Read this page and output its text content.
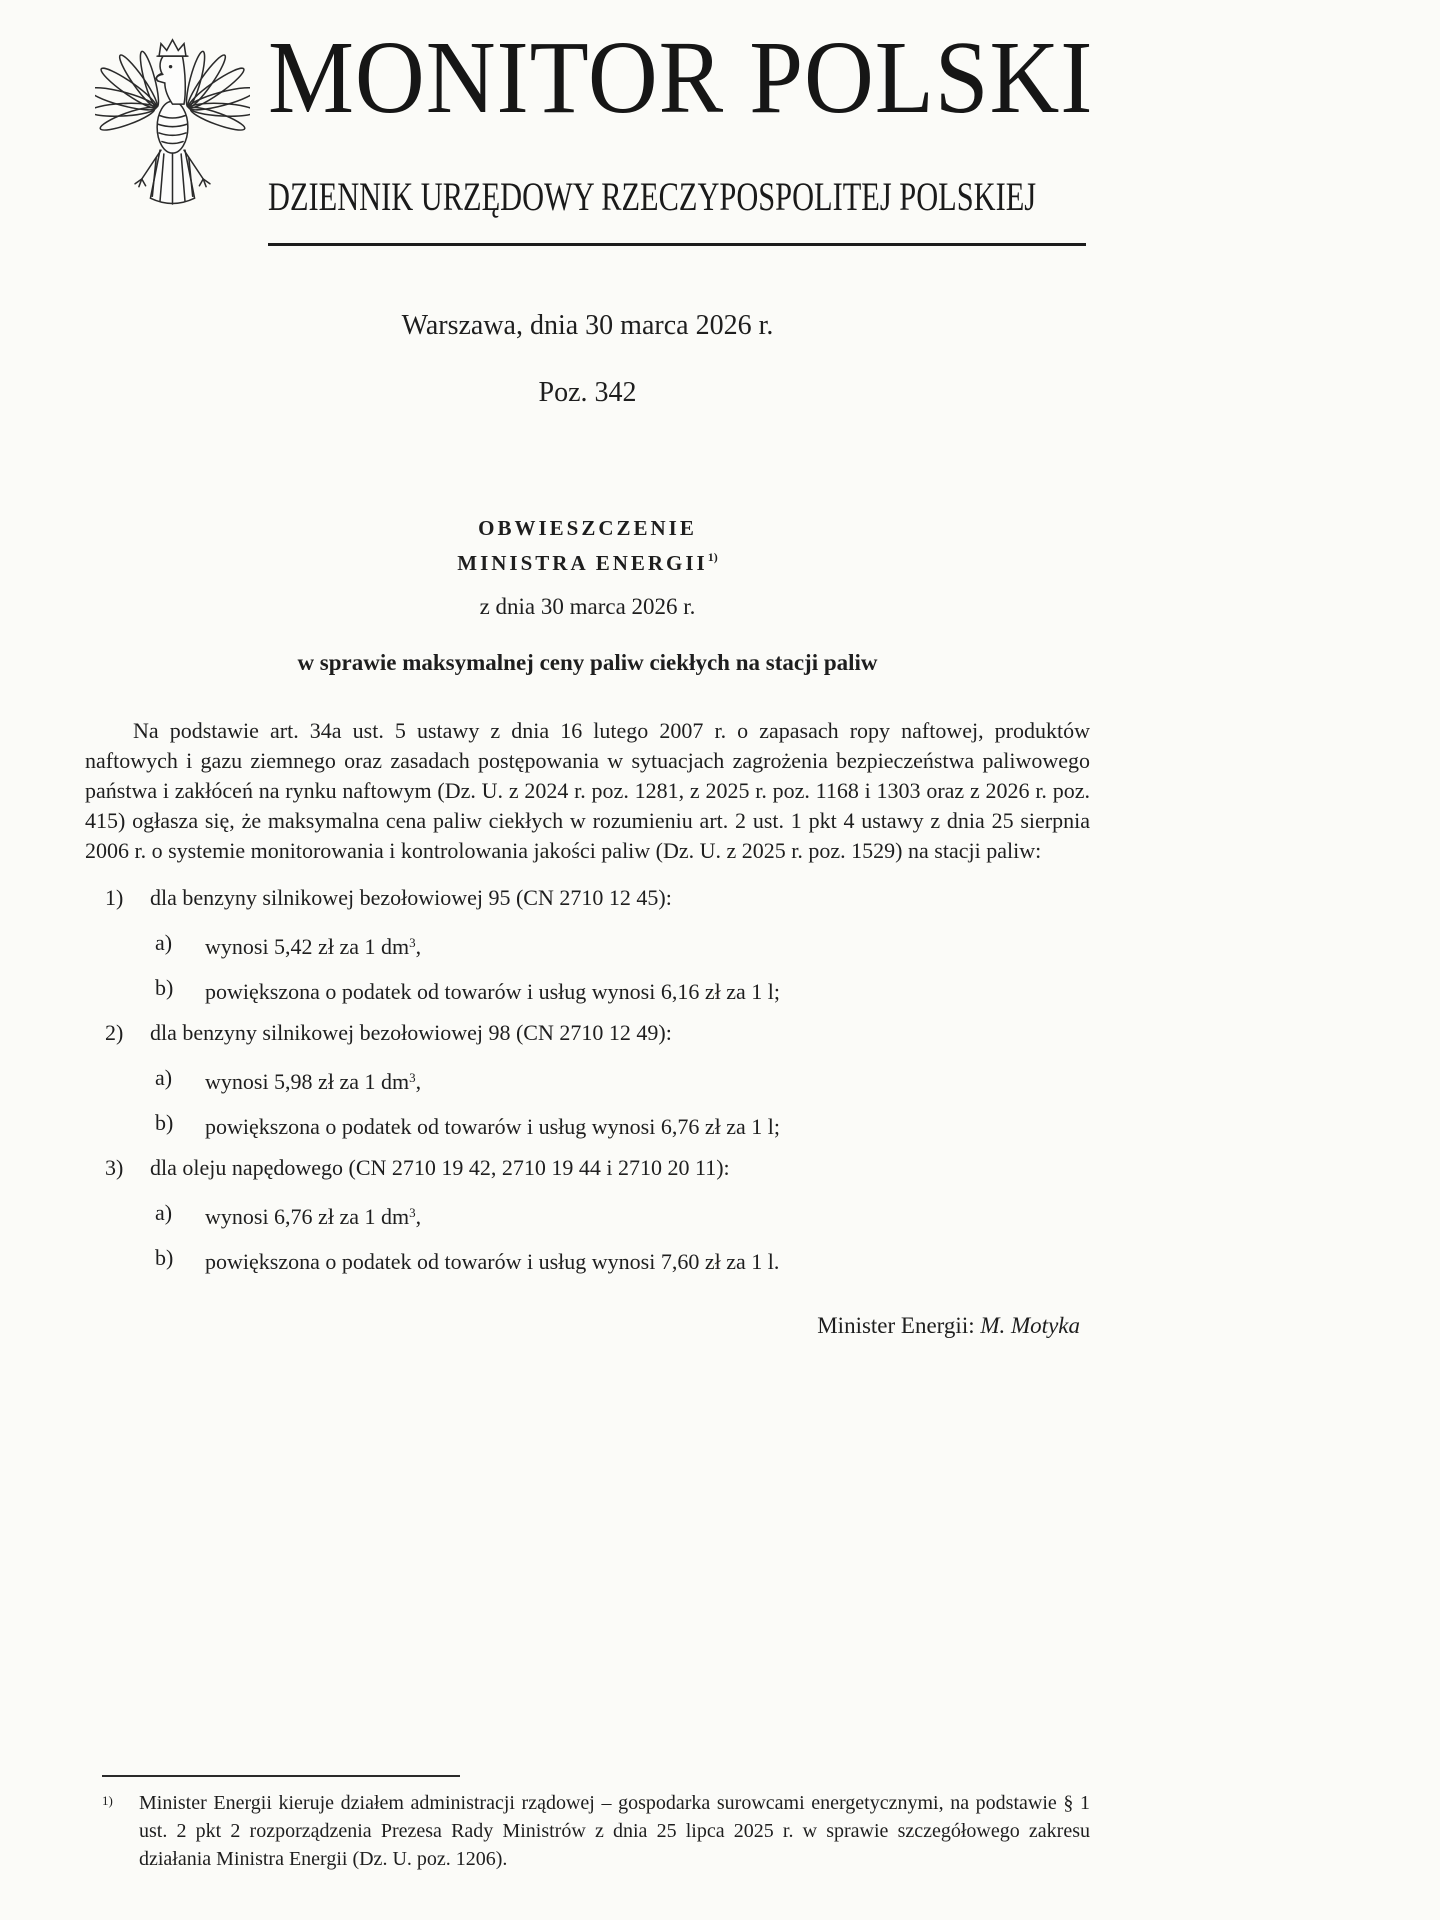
MONITOR POLSKI
DZIENNIK URZĘDOWY RZECZYPOSPOLITEJ POLSKIEJ
Warszawa, dnia 30 marca 2026 r.
Poz. 342
OBWIESZCZENIE
MINISTRA ENERGII$^{1)}$
z dnia 30 marca 2026 r.
w sprawie maksymalnej ceny paliw ciekłych na stacji paliw
Na podstawie art. 34a ust. 5 ustawy z dnia 16 lutego 2007 r. o zapasach ropy naftowej, produktów naftowych i gazu ziemnego oraz zasadach postępowania w sytuacjach zagrożenia bezpieczeństwa paliwowego państwa i zakłóceń na rynku naftowym (Dz. U. z 2024 r. poz. 1281, z 2025 r. poz. 1168 i 1303 oraz z 2026 r. poz. 415) ogłasza się, że maksymalna cena paliw ciekłych w rozumieniu art. 2 ust. 1 pkt 4 ustawy z dnia 25 sierpnia 2006 r. o systemie monitorowania i kontrolowania jakości paliw (Dz. U. z 2025 r. poz. 1529) na stacji paliw:
1)	dla benzyny silnikowej bezołowiowej 95 (CN 2710 12 45):
a)	wynosi 5,42 zł za 1 $dm^3$,
b)	powiększona o podatek od towarów i usług wynosi 6,16 zł za 1 l;
2)	dla benzyny silnikowej bezołowiowej 98 (CN 2710 12 49):
a)	wynosi 5,98 zł za 1 $dm^3$,
b)	powiększona o podatek od towarów i usług wynosi 6,76 zł za 1 l;
3)	dla oleju napędowego (CN 2710 19 42, 2710 19 44 i 2710 20 11):
a)	wynosi 6,76 zł za 1 $dm^3$,
b)	powiększona o podatek od towarów i usług wynosi 7,60 zł za 1 l.
Minister Energii: M. Motyka
1)	Minister Energii kieruje działem administracji rządowej – gospodarka surowcami energetycznymi, na podstawie § 1 ust. 2 pkt 2 rozporządzenia Prezesa Rady Ministrów z dnia 25 lipca 2025 r. w sprawie szczegółowego zakresu działania Ministra Energii (Dz. U. poz. 1206).
